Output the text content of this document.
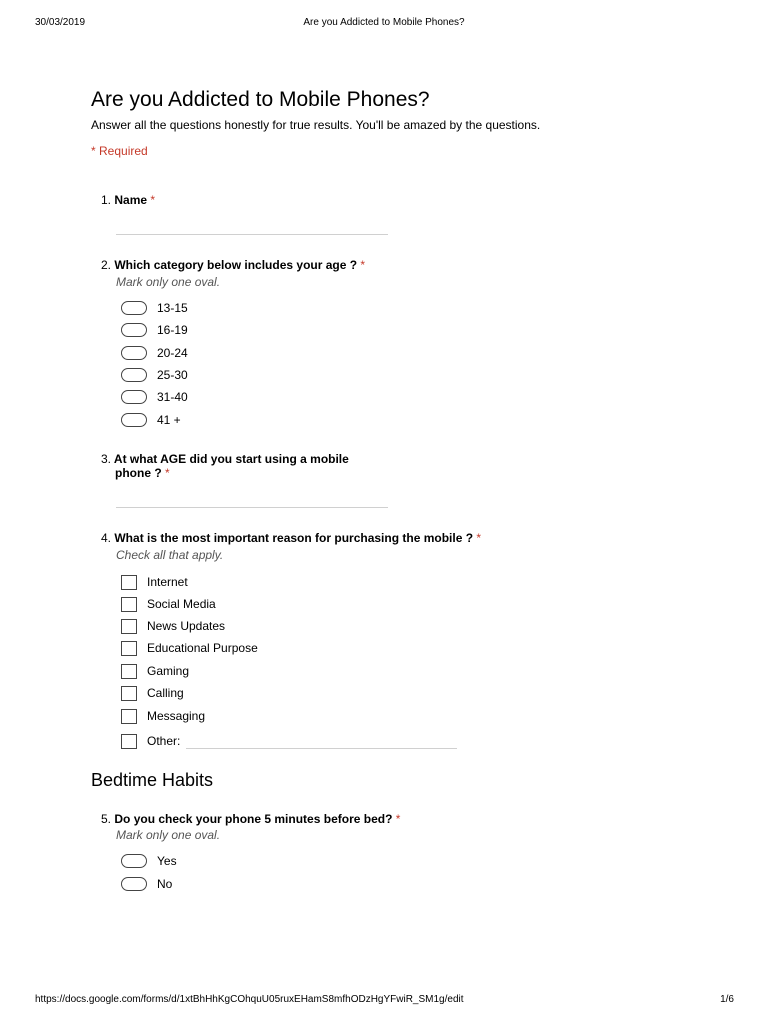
30/03/2019	Are you Addicted to Mobile Phones?
Are you Addicted to Mobile Phones?
Answer all the questions honestly for true results. You'll be amazed by the questions.
* Required
1. Name *
2. Which category below includes your age ? *
Mark only one oval.
13-15
16-19
20-24
25-30
31-40
41 +
3. At what AGE did you start using a mobile
phone ? *
4. What is the most important reason for purchasing the mobile ? *
Check all that apply.
Internet
Social Media
News Updates
Educational Purpose
Gaming
Calling
Messaging
Other:
Bedtime Habits
5. Do you check your phone 5 minutes before bed? *
Mark only one oval.
Yes
No
https://docs.google.com/forms/d/1xtBhHhKgCOhquU05ruxEHamS8mfhODzHgYFwiR_SM1g/edit	1/6
